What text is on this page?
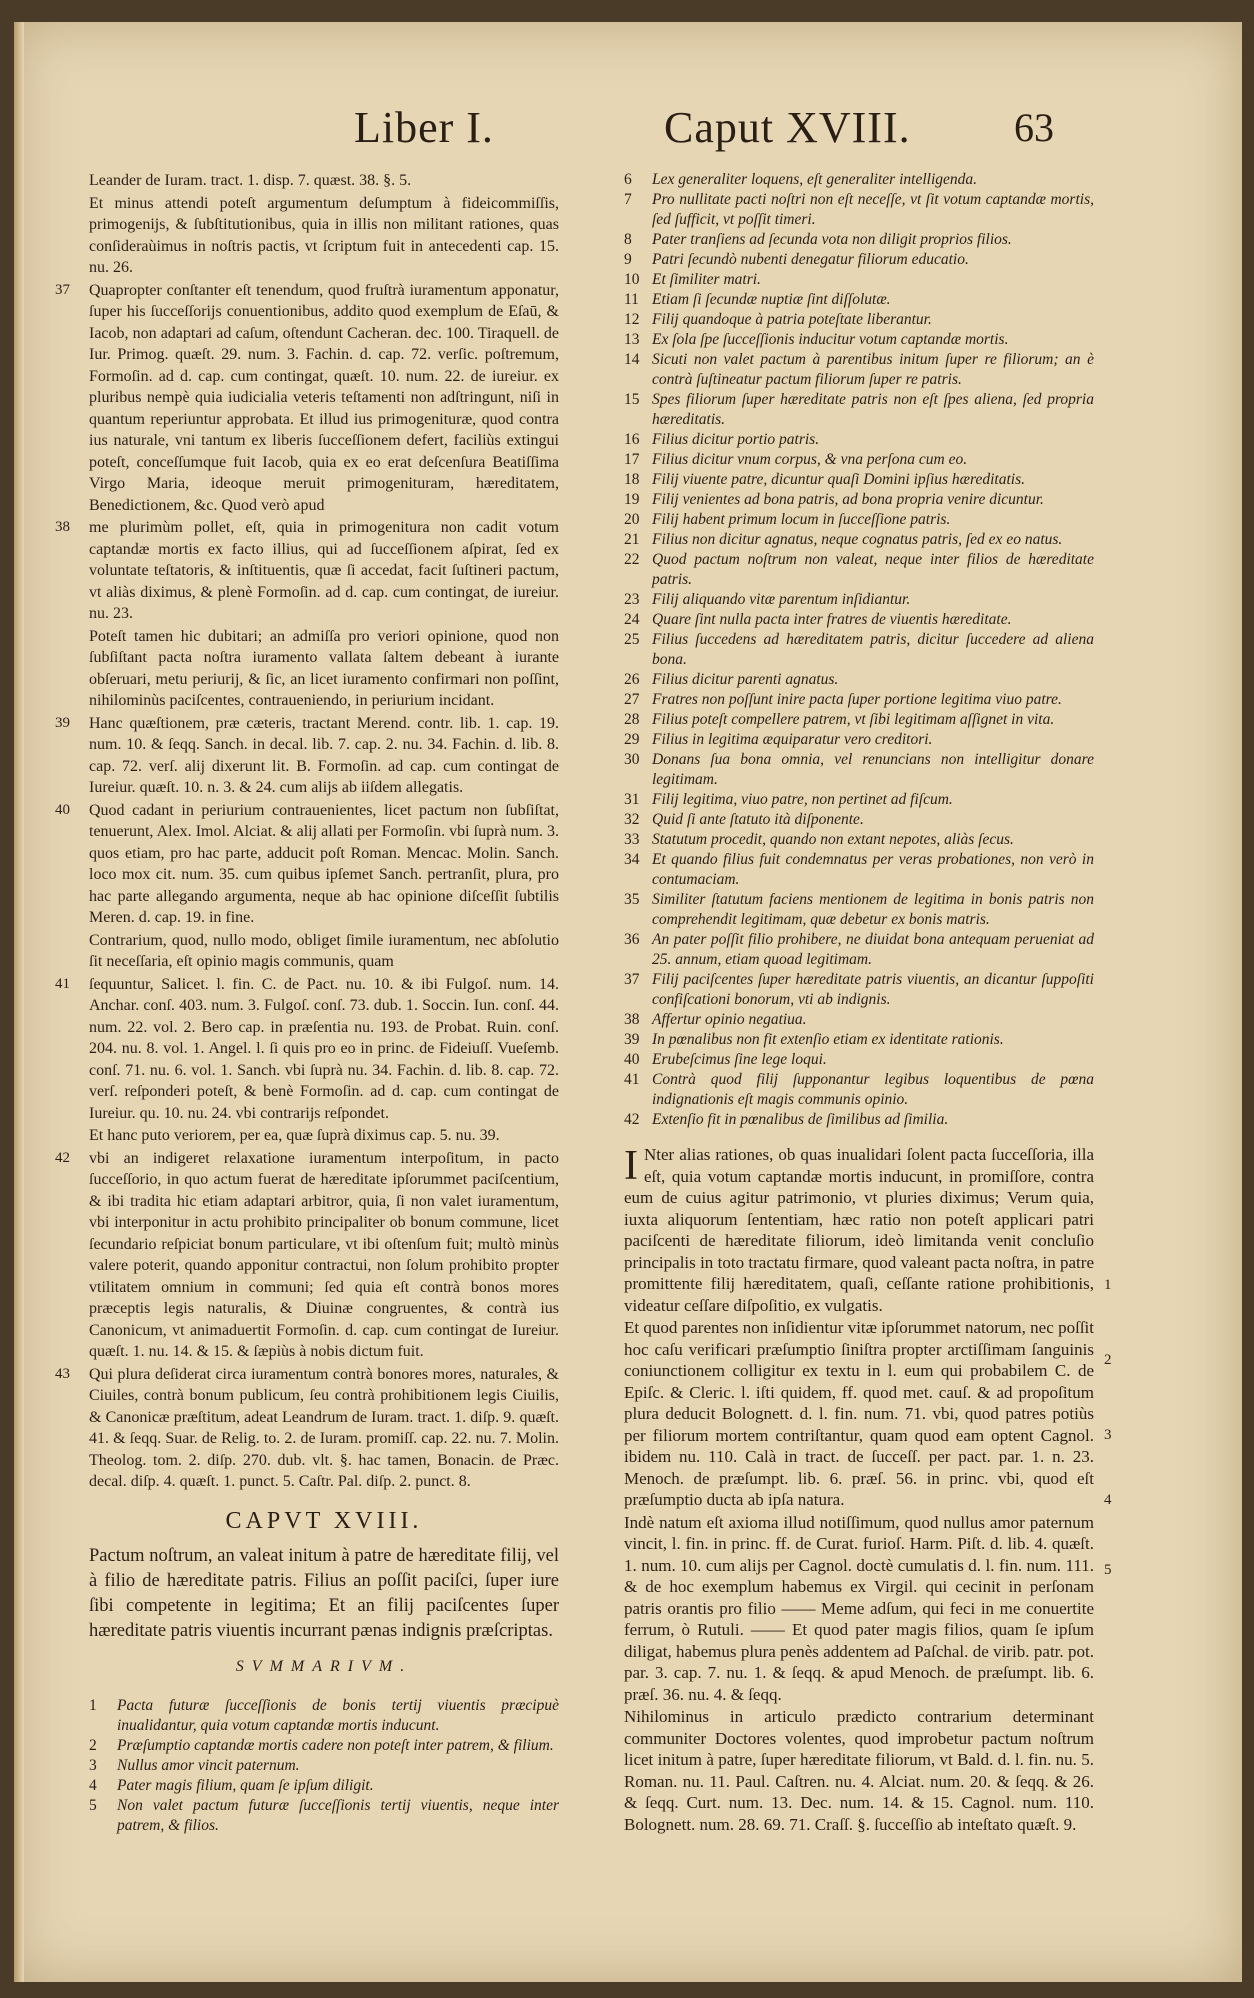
Liber I.	Caput XVIII.	63

Leander de Iuram. tract. 1. disp. 7. quæst. 38. §. 5.

Et minus attendi poteſt argumentum deſumptum à fideicommiſſis, primogenijs, & ſubſtitutionibus, quia in illis non militant rationes, quas conſideraùimus in noſtris pactis, vt ſcriptum fuit in antecedenti cap. 15. nu. 26.

37 Quapropter conſtanter eſt tenendum, quod fruſtrà iuramentum apponatur, ſuper his ſucceſſorijs conuentionibus, addito quod exemplum de Eſaū, & Iacob, non adaptari ad caſum, oſtendunt Cacheran. dec. 100. Tiraquell. de Iur. Primog. quæſt. 29. num. 3. Fachin. d. cap. 72. verſic. poſtremum, Formoſin. ad d. cap. cum contingat, quæſt. 10. num. 22. de iureiur. ex pluribus nempè quia iudicialia veteris teſtamenti non adſtringunt, niſi in quantum reperiuntur approbata. Et illud ius primogenituræ, quod contra ius naturale, vni tantum ex liberis ſucceſſionem defert, faciliùs extingui poteſt, conceſſumque fuit Iacob, quia ex eo erat deſcenſura Beatiſſima Virgo Maria, ideoque meruit primogenituram, hæreditatem, Benedictionem, &c. Quod verò apud

38 me plurimùm pollet, eſt, quia in primogenitura non cadit votum captandæ mortis ex facto illius, qui ad ſucceſſionem aſpirat, ſed ex voluntate teſtatoris, & inſtituentis, quæ ſi accedat, facit ſuſtineri pactum, vt aliàs diximus, & plenè Formoſin. ad d. cap. cum contingat, de iureiur. nu. 23.

Poteſt tamen hic dubitari; an admiſſa pro veriori opinione, quod non ſubſiſtant pacta noſtra iuramento vallata ſaltem debeant à iurante obſeruari, metu periurij, & ſic, an licet iuramento confirmari non poſſint, nihilominùs paciſcentes, contraueniendo, in periurium incidant.

39 Hanc quæſtionem, præ cæteris, tractant Merend. contr. lib. 1. cap. 19. num. 10. & ſeqq. Sanch. in decal. lib. 7. cap. 2. nu. 34. Fachin. d. lib. 8. cap. 72. verſ. alij dixerunt lit. B. Formoſin. ad cap. cum contingat de Iureiur. quæſt. 10. n. 3. & 24. cum alijs ab iiſdem allegatis.

40 Quod cadant in periurium contrauenientes, licet pactum non ſubſiſtat, tenuerunt, Alex. Imol. Alciat. & alij allati per Formoſin. vbi ſuprà num. 3. quos etiam, pro hac parte, adducit poſt Roman. Mencac. Molin. Sanch. loco mox cit. num. 35. cum quibus ipſemet Sanch. pertranſit, plura, pro hac parte allegando argumenta, neque ab hac opinione diſceſſit ſubtilis Meren. d. cap. 19. in fine.

Contrarium, quod, nullo modo, obliget ſimile iuramentum, nec abſolutio ſit neceſſaria, eſt opinio magis communis, quam

41 ſequuntur, Salicet. l. fin. C. de Pact. nu. 10. & ibi Fulgoſ. num. 14. Anchar. conſ. 403. num. 3. Fulgoſ. conſ. 73. dub. 1. Soccin. Iun. conſ. 44. num. 22. vol. 2. Bero cap. in præſentia nu. 193. de Probat. Ruin. conſ. 204. nu. 8. vol. 1. Angel. l. ſi quis pro eo in princ. de Fideiuſſ. Vueſemb. conſ. 71. nu. 6. vol. 1. Sanch. vbi ſuprà nu. 34. Fachin. d. lib. 8. cap. 72. verſ. reſponderi poteſt, & benè Formoſin. ad d. cap. cum contingat de Iureiur. qu. 10. nu. 24. vbi contrarijs reſpondet.

Et hanc puto veriorem, per ea, quæ ſuprà diximus cap. 5. nu. 39.

42 vbi an indigeret relaxatione iuramentum interpoſitum, in pacto ſucceſſorio, in quo actum fuerat de hæreditate ipſorummet paciſcentium, & ibi tradita hic etiam adaptari arbitror, quia, ſi non valet iuramentum, vbi interponitur in actu prohibito principaliter ob bonum commune, licet ſecundario reſpiciat bonum particulare, vt ibi oſtenſum fuit; multò minùs valere poterit, quando apponitur contractui, non ſolum prohibito propter vtilitatem omnium in communi; ſed quia eſt contrà bonos mores præceptis legis naturalis, & Diuinæ congruentes, & contrà ius Canonicum, vt animaduertit Formoſin. d. cap. cum contingat de Iureiur. quæſt. 1. nu. 14. & 15. & ſæpiùs à nobis dictum fuit.

43 Qui plura deſiderat circa iuramentum contrà bonores mores, naturales, & Ciuiles, contrà bonum publicum, ſeu contrà prohibitionem legis Ciuilis, & Canonicæ præſtitum, adeat Leandrum de Iuram. tract. 1. diſp. 9. quæſt. 41. & ſeqq. Suar. de Relig. to. 2. de Iuram. promiſſ. cap. 22. nu. 7. Molin. Theolog. tom. 2. diſp. 270. dub. vlt. §. hac tamen, Bonacin. de Præc. decal. diſp. 4. quæſt. 1. punct. 5. Caſtr. Pal. diſp. 2. punct. 8.

CAPVT XVIII.

Pactum noſtrum, an valeat initum à patre de hæreditate filij, vel à filio de hæreditate patris. Filius an poſſit paciſci, ſuper iure ſibi competente in legitima; Et an filij paciſcentes ſuper hæreditate patris viuentis incurrant pænas indignis præſcriptas.

SVMMARIVM.

1 Pacta futuræ ſucceſſionis de bonis tertij viuentis præcipuè inualidantur, quia votum captandæ mortis inducunt.

2 Præſumptio captandæ mortis cadere non poteſt inter patrem, & filium.

3 Nullus amor vincit paternum.

4 Pater magis filium, quam ſe ipſum diligit.

5 Non valet pactum futuræ ſucceſſionis tertij viuentis, neque inter patrem, & filios.

6 Lex generaliter loquens, eſt generaliter intelligenda.

7 Pro nullitate pacti noſtri non eſt neceſſe, vt ſit votum captandæ mortis, ſed ſufficit, vt poſſit timeri.

8 Pater tranſiens ad ſecunda vota non diligit proprios filios.

9 Patri ſecundò nubenti denegatur filiorum educatio.

10 Et ſimiliter matri.

11 Etiam ſi ſecundæ nuptiæ ſint diſſolutæ.

12 Filij quandoque à patria poteſtate liberantur.

13 Ex ſola ſpe ſucceſſionis inducitur votum captandæ mortis.

14 Sicuti non valet pactum à parentibus initum ſuper re filiorum; an è contrà ſuſtineatur pactum filiorum ſuper re patris.

15 Spes filiorum ſuper hæreditate patris non eſt ſpes aliena, ſed propria hæreditatis.

16 Filius dicitur portio patris.

17 Filius dicitur vnum corpus, & vna perſona cum eo.

18 Filij viuente patre, dicuntur quaſi Domini ipſius hæreditatis.

19 Filij venientes ad bona patris, ad bona propria venire dicuntur.

20 Filij habent primum locum in ſucceſſione patris.

21 Filius non dicitur agnatus, neque cognatus patris, ſed ex eo natus.

22 Quod pactum noſtrum non valeat, neque inter filios de hæreditate patris.

23 Filij aliquando vitæ parentum inſidiantur.

24 Quare ſint nulla pacta inter fratres de viuentis hæreditate.

25 Filius ſuccedens ad hæreditatem patris, dicitur ſuccedere ad aliena bona.

26 Filius dicitur parenti agnatus.

27 Fratres non poſſunt inire pacta ſuper portione legitima viuo patre.

28 Filius poteſt compellere patrem, vt ſibi legitimam aſſignet in vita.

29 Filius in legitima æquiparatur vero creditori.

30 Donans ſua bona omnia, vel renuncians non intelligitur donare legitimam.

31 Filij legitima, viuo patre, non pertinet ad fiſcum.

32 Quid ſi ante ſtatuto ità diſponente.

33 Statutum procedit, quando non extant nepotes, aliàs ſecus.

34 Et quando filius fuit condemnatus per veras probationes, non verò in contumaciam.

35 Similiter ſtatutum faciens mentionem de legitima in bonis patris non comprehendit legitimam, quæ debetur ex bonis matris.

36 An pater poſſit filio prohibere, ne diuidat bona antequam perueniat ad 25. annum, etiam quoad legitimam.

37 Filij paciſcentes ſuper hæreditate patris viuentis, an dicantur ſuppoſiti confiſcationi bonorum, vti ab indignis.

38 Affertur opinio negatiua.

39 In pœnalibus non fit extenſio etiam ex identitate rationis.

40 Erubeſcimus ſine lege loqui.

41 Contrà quod filij ſupponantur legibus loquentibus de pœna indignationis eſt magis communis opinio.

42 Extenſio fit in pœnalibus de ſimilibus ad ſimilia.

I Nter alias rationes, ob quas inualidari ſolent pacta ſucceſſoria, illa eſt, quia votum captandæ mortis inducunt, in promiſſore, contra eum de cuius agitur patrimonio, vt pluries diximus; Verum quia, iuxta aliquorum ſententiam, hæc ratio non poteſt applicari patri paciſcenti de hæreditate filiorum, ideò limitanda venit concluſio principalis in toto tractatu firmare, quod valeant pacta noſtra, in patre promittente filij hæreditatem, quaſi, ceſſante ratione prohibitionis, videatur ceſſare diſpoſitio, ex vulgatis.

Et quod parentes non inſidientur vitæ ipſorummet natorum, nec poſſit hoc caſu verificari præſumptio ſiniſtra propter arctiſſimam ſanguinis coniunctionem colligitur ex textu in l. eum qui probabilem C. de Epiſc. & Cleric. l. iſti quidem, ff. quod met. cauſ. & ad propoſitum plura deducit Bolognett. d. l. fin. num. 71. vbi, quod patres potiùs per filiorum mortem contriſtantur, quam quod eam optent Cagnol. ibidem nu. 110. Calà in tract. de ſucceſſ. per pact. par. 1. n. 23. Menoch. de præſumpt. lib. 6. præſ. 56. in princ. vbi, quod eſt præſumptio ducta ab ipſa natura.

Indè natum eſt axioma illud notiſſimum, quod nullus amor paternum vincit, l. fin. in princ. ff. de Curat. furioſ. Harm. Piſt. d. lib. 4. quæſt. 1. num. 10. cum alijs per Cagnol. doctè cumulatis d. l. fin. num. 111. & de hoc exemplum habemus ex Virgil. qui cecinit in perſonam patris orantis pro filio —— Meme adſum, qui feci in me conuertite ferrum, ò Rutuli. —— Et quod pater magis filios, quam ſe ipſum diligat, habemus plura penès addentem ad Paſchal. de virib. patr. pot. par. 3. cap. 7. nu. 1. & ſeqq. & apud Menoch. de præſumpt. lib. 6. præſ. 36. nu. 4. & ſeqq.

Nihilominus in articulo prædicto contrarium determinant communiter Doctores volentes, quod improbetur pactum noſtrum licet initum à patre, ſuper hæreditate filiorum, vt Bald. d. l. fin. nu. 5. Roman. nu. 11. Paul. Caſtren. nu. 4. Alciat. num. 20. & ſeqq. & 26. & ſeqq. Curt. num. 13. Dec. num. 14. & 15. Cagnol. num. 110. Bolognett. num. 28. 69. 71. Craſſ. §. ſucceſſio ab inteſtato quæſt. 9.

1
2
3
4
5
